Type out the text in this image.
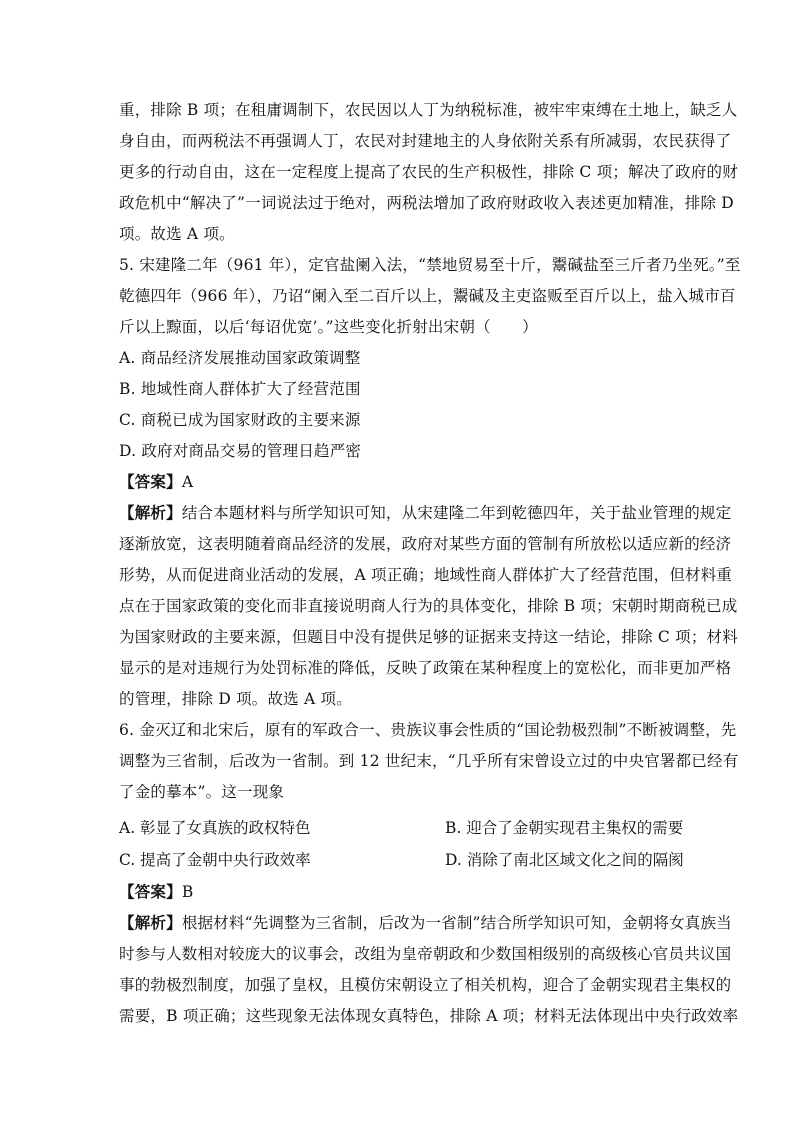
重，排除 B 项；在租庸调制下，农民因以人丁为纳税标准，被牢牢束缚在土地上，缺乏人
身自由，而两税法不再强调人丁，农民对封建地主的人身依附关系有所减弱，农民获得了
更多的行动自由，这在一定程度上提高了农民的生产积极性，排除 C 项；解决了政府的财
政危机中“解决了”一词说法过于绝对，两税法增加了政府财政收入表述更加精准，排除 D
项。故选 A 项。
5. 宋建隆二年（961 年），定官盐阑入法，“禁地贸易至十斤，鬻碱盐至三斤者乃坐死。”至
乾德四年（966 年），乃诏“阑入至二百斤以上，鬻碱及主吏盗贩至百斤以上，盐入城市百
斤以上黥面，以后‘每诏优宽’。”这些变化折射出宋朝（　　）
A. 商品经济发展推动国家政策调整
B. 地域性商人群体扩大了经营范围
C. 商税已成为国家财政的主要来源
D. 政府对商品交易的管理日趋严密
【答案】A
【解析】结合本题材料与所学知识可知，从宋建隆二年到乾德四年，关于盐业管理的规定
逐渐放宽，这表明随着商品经济的发展，政府对某些方面的管制有所放松以适应新的经济
形势，从而促进商业活动的发展，A 项正确；地域性商人群体扩大了经营范围，但材料重
点在于国家政策的变化而非直接说明商人行为的具体变化，排除 B 项；宋朝时期商税已成
为国家财政的主要来源，但题目中没有提供足够的证据来支持这一结论，排除 C 项；材料
显示的是对违规行为处罚标准的降低，反映了政策在某种程度上的宽松化，而非更加严格
的管理，排除 D 项。故选 A 项。
6. 金灭辽和北宋后，原有的军政合一、贵族议事会性质的“国论勃极烈制”不断被调整，先
调整为三省制，后改为一省制。到 12 世纪末，“几乎所有宋曾设立过的中央官署都已经有
了金的摹本”。这一现象
A. 彰显了女真族的政权特色	B. 迎合了金朝实现君主集权的需要
C. 提高了金朝中央行政效率	D. 消除了南北区域文化之间的隔阂
【答案】B
【解析】根据材料“先调整为三省制，后改为一省制”结合所学知识可知，金朝将女真族当
时参与人数相对较庞大的议事会，改组为皇帝朝政和少数国相级别的高级核心官员共议国
事的勃极烈制度，加强了皇权，且模仿宋朝设立了相关机构，迎合了金朝实现君主集权的
需要，B 项正确；这些现象无法体现女真特色，排除 A 项；材料无法体现出中央行政效率
